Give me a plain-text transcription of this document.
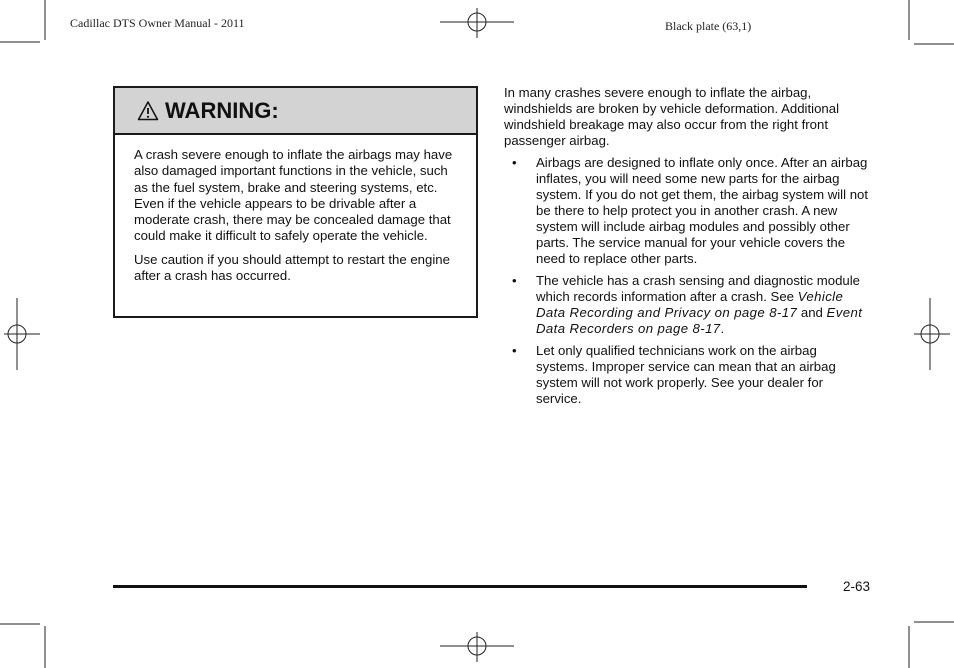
Cadillac DTS Owner Manual - 2011	Black plate (63,1)
WARNING:

A crash severe enough to inflate the airbags may have also damaged important functions in the vehicle, such as the fuel system, brake and steering systems, etc. Even if the vehicle appears to be drivable after a moderate crash, there may be concealed damage that could make it difficult to safely operate the vehicle.

Use caution if you should attempt to restart the engine after a crash has occurred.

In many crashes severe enough to inflate the airbag, windshields are broken by vehicle deformation. Additional windshield breakage may also occur from the right front passenger airbag.

• Airbags are designed to inflate only once. After an airbag inflates, you will need some new parts for the airbag system. If you do not get them, the airbag system will not be there to help protect you in another crash. A new system will include airbag modules and possibly other parts. The service manual for your vehicle covers the need to replace other parts.
• The vehicle has a crash sensing and diagnostic module which records information after a crash. See Vehicle Data Recording and Privacy on page 8‑17 and Event Data Recorders on page 8‑17.
• Let only qualified technicians work on the airbag systems. Improper service can mean that an airbag system will not work properly. See your dealer for service.
2-63
